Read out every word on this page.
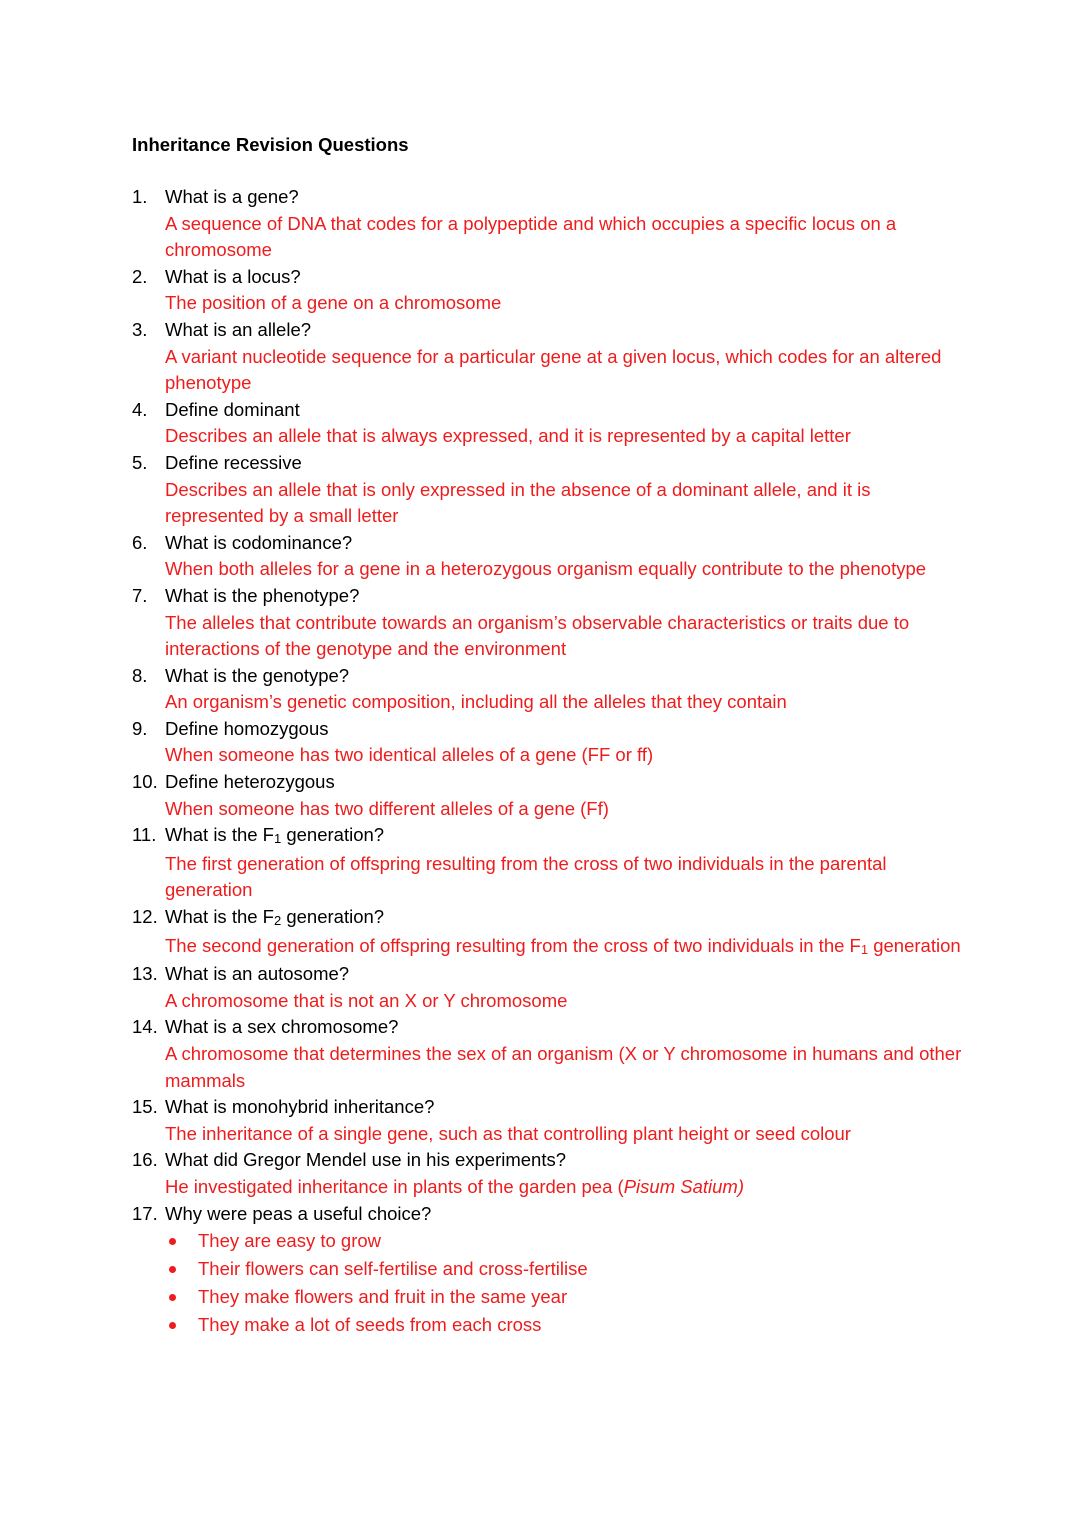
Inheritance Revision Questions
1. What is a gene?
A sequence of DNA that codes for a polypeptide and which occupies a specific locus on a chromosome
2. What is a locus?
The position of a gene on a chromosome
3. What is an allele?
A variant nucleotide sequence for a particular gene at a given locus, which codes for an altered phenotype
4. Define dominant
Describes an allele that is always expressed, and it is represented by a capital letter
5. Define recessive
Describes an allele that is only expressed in the absence of a dominant allele, and it is represented by a small letter
6. What is codominance?
When both alleles for a gene in a heterozygous organism equally contribute to the phenotype
7. What is the phenotype?
The alleles that contribute towards an organism’s observable characteristics or traits due to interactions of the genotype and the environment
8. What is the genotype?
An organism’s genetic composition, including all the alleles that they contain
9. Define homozygous
When someone has two identical alleles of a gene (FF or ff)
10. Define heterozygous
When someone has two different alleles of a gene (Ff)
11. What is the $F_1$ generation?
The first generation of offspring resulting from the cross of two individuals in the parental generation
12. What is the $F_2$ generation?
The second generation of offspring resulting from the cross of two individuals in the $F_1$ generation
13. What is an autosome?
A chromosome that is not an X or Y chromosome
14. What is a sex chromosome?
A chromosome that determines the sex of an organism (X or Y chromosome in humans and other mammals
15. What is monohybrid inheritance?
The inheritance of a single gene, such as that controlling plant height or seed colour
16. What did Gregor Mendel use in his experiments?
He investigated inheritance in plants of the garden pea (Pisum Satium)
17. Why were peas a useful choice?
They are easy to grow
Their flowers can self-fertilise and cross-fertilise
They make flowers and fruit in the same year
They make a lot of seeds from each cross
